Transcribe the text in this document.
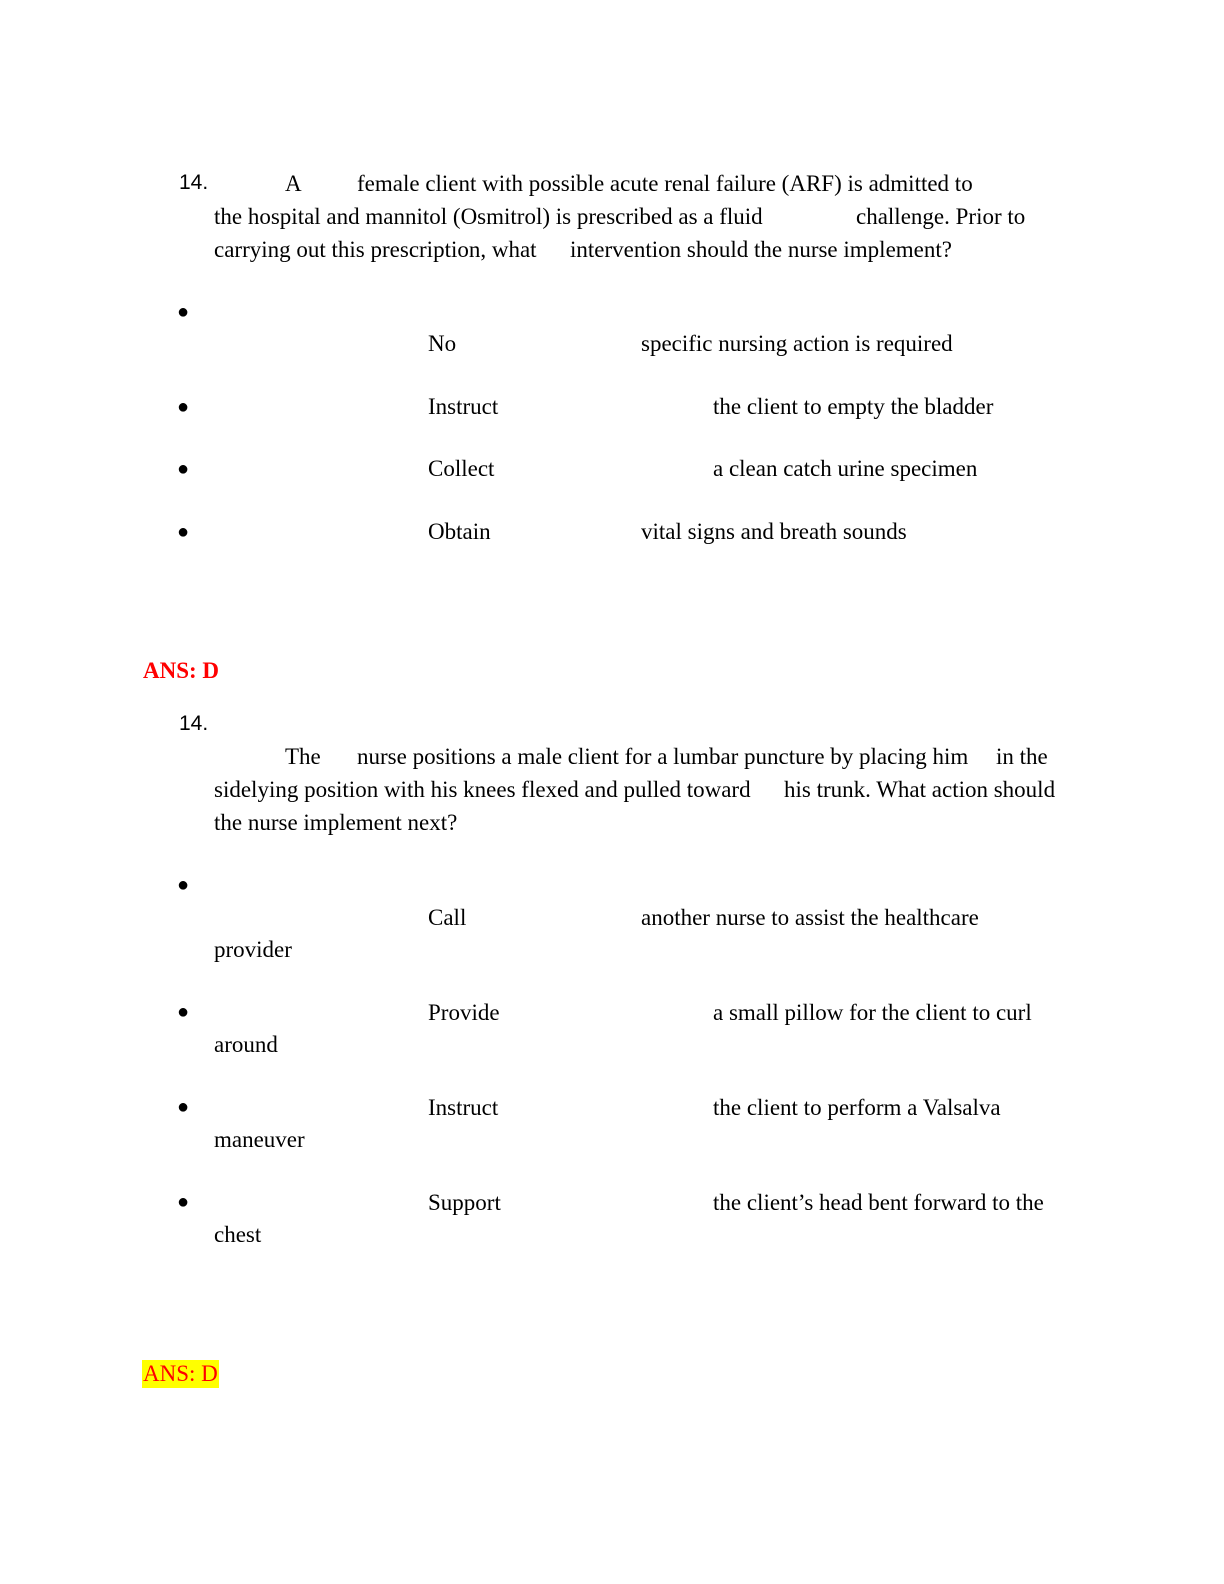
14.	A female client with possible acute renal failure (ARF) is admitted to
the hospital and mannitol (Osmitrol) is prescribed as a fluid	challenge. Prior to
carrying out this prescription, what intervention should the nurse implement?
●
No	specific nursing action is required
●	Instruct	the client to empty the bladder
●	Collect	a clean catch urine specimen
●	Obtain	vital signs and breath sounds
ANS: D
14.
The nurse positions a male client for a lumbar puncture by placing him in the
sidelying position with his knees flexed and pulled toward his trunk. What action should
the nurse implement next?
●
Call	another nurse to assist the healthcare
provider
●	Provide	a small pillow for the client to curl
around
●	Instruct	the client to perform a Valsalva
maneuver
●	Support	the client’s head bent forward to the
chest
ANS: D
